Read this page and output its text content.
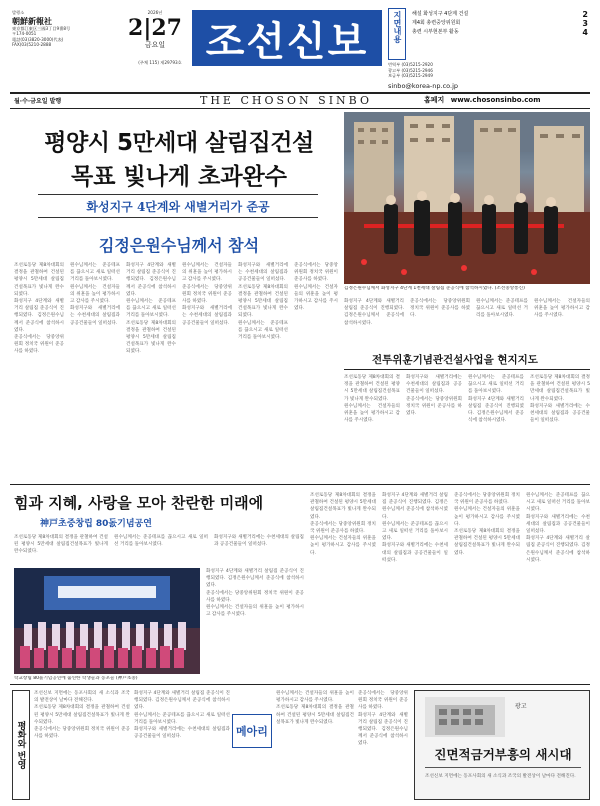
발행소
朝鮮新報社
東京都江東区三國3丁目9番8号
〒174-0051
電話(03)3820-3000(代表)
FAX(03)5210-2888
2026년
2|27
금요일
(주체 115) 제29793호 조선신보	지면내용	해설 화성지구 4단계 건설	2
제4회 총련중앙위원회	3
총련 시부현본부 활동	4
번역부 (03)5215-2920
광고부 (03)5215-2946
보급부 (03)5215-2949
sinbo@korea-np.co.jp
월·수·금요일 발행	THE CHOSON SINBO	홈페지 www.chosonsinbo.com
평양시 5만세대 살림집건설
목표 빛나게 초과완수
화성지구 4단계와 새별거리가 준공
김정은원수님께서 참석
김정은원수님께서 화성지구 4단계 1천세대 살림집 준공식에 참석하시였다. (조선중앙통신)
조선로동당 제8차대회의 결정을 관철하여 건설된 평양시 5만세대 살림집건설목표가 빛나게 완수되였다.
화성지구 4단계와 새별거리 살림집 준공식이 진행되였다. 김정은원수님께서 준공식에 참석하시였다.
준공식에서는 당중앙위원회 정치국 위원이 준공사를 하였다.
원수님께서는 준공테프를 끊으시고 새로 일떠선 거리를 돌아보시였다.
원수님께서는 건설자들의 위훈을 높이 평가하시고 감사를 주시였다.
화성지구와 새별거리에는 수천세대의 살림집과 공공건물들이 일떠섰다.
화성지구 4단계와 새별거리 살림집 준공식이 진행되였다. 김정은원수님께서 준공식에 참석하시였다.
원수님께서는 준공테프를 끊으시고 새로 일떠선 거리를 돌아보시였다.
조선로동당 제8차대회의 결정을 관철하여 건설된 평양시 5만세대 살림집건설목표가 빛나게 완수되였다.
원수님께서는 건설자들의 위훈을 높이 평가하시고 감사를 주시였다.
준공식에서는 당중앙위원회 정치국 위원이 준공사를 하였다.
화성지구와 새별거리에는 수천세대의 살림집과 공공건물들이 일떠섰다.
화성지구와 새별거리에는 수천세대의 살림집과 공공건물들이 일떠섰다.
조선로동당 제8차대회의 결정을 관철하여 건설된 평양시 5만세대 살림집건설목표가 빛나게 완수되였다.
원수님께서는 준공테프를 끊으시고 새로 일떠선 거리를 돌아보시였다.
준공식에서는 당중앙위원회 정치국 위원이 준공사를 하였다.
원수님께서는 건설자들의 위훈을 높이 평가하시고 감사를 주시였다.
화성지구 4단계와 새별거리 살림집 준공식이 진행되였다. 김정은원수님께서 준공식에 참석하시였다.
준공식에서는 당중앙위원회 정치국 위원이 준공사를 하였다.
원수님께서는 준공테프를 끊으시고 새로 일떠선 거리를 돌아보시였다.
원수님께서는 건설자들의 위훈을 높이 평가하시고 감사를 주시였다.
전투위훈기념관건설사업을 현지지도
조선로동당 제8차대회의 결정을 관철하여 건설된 평양시 5만세대 살림집건설목표가 빛나게 완수되였다.
원수님께서는 건설자들의 위훈을 높이 평가하시고 감사를 주시였다.
화성지구와 새별거리에는 수천세대의 살림집과 공공건물들이 일떠섰다.
준공식에서는 당중앙위원회 정치국 위원이 준공사를 하였다.
원수님께서는 준공테프를 끊으시고 새로 일떠선 거리를 돌아보시였다.
화성지구 4단계와 새별거리 살림집 준공식이 진행되였다. 김정은원수님께서 준공식에 참석하시였다.
조선로동당 제8차대회의 결정을 관철하여 건설된 평양시 5만세대 살림집건설목표가 빛나게 완수되였다.
화성지구와 새별거리에는 수천세대의 살림집과 공공건물들이 일떠섰다.
힘과 지혜, 사랑을 모아 찬란한 미래에
神戸초중창립 80돐기념공연
조선로동당 제8차대회의 결정을 관철하여 건설된 평양시 5만세대 살림집건설목표가 빛나게 완수되였다.
원수님께서는 준공테프를 끊으시고 새로 일떠선 거리를 돌아보시였다.
화성지구와 새별거리에는 수천세대의 살림집과 공공건물들이 일떠섰다.
학교창립 80돐기념공연에 출연한 학생들과 동포들 (神戸초중)
화성지구 4단계와 새별거리 살림집 준공식이 진행되였다. 김정은원수님께서 준공식에 참석하시였다.
준공식에서는 당중앙위원회 정치국 위원이 준공사를 하였다.
원수님께서는 건설자들의 위훈을 높이 평가하시고 감사를 주시였다.
조선로동당 제8차대회의 결정을 관철하여 건설된 평양시 5만세대 살림집건설목표가 빛나게 완수되였다.
준공식에서는 당중앙위원회 정치국 위원이 준공사를 하였다.
원수님께서는 건설자들의 위훈을 높이 평가하시고 감사를 주시였다.
화성지구 4단계와 새별거리 살림집 준공식이 진행되였다. 김정은원수님께서 준공식에 참석하시였다.
원수님께서는 준공테프를 끊으시고 새로 일떠선 거리를 돌아보시였다.
화성지구와 새별거리에는 수천세대의 살림집과 공공건물들이 일떠섰다.
준공식에서는 당중앙위원회 정치국 위원이 준공사를 하였다.
원수님께서는 건설자들의 위훈을 높이 평가하시고 감사를 주시였다.
조선로동당 제8차대회의 결정을 관철하여 건설된 평양시 5만세대 살림집건설목표가 빛나게 완수되였다.
원수님께서는 준공테프를 끊으시고 새로 일떠선 거리를 돌아보시였다.
화성지구와 새별거리에는 수천세대의 살림집과 공공건물들이 일떠섰다.
화성지구 4단계와 새별거리 살림집 준공식이 진행되였다. 김정은원수님께서 준공식에 참석하시였다.
평화와 번영
조선신보 지면에는 동포사회의 새 소식과 조국의 발전상이 날마다 전해진다.
조선로동당 제8차대회의 결정을 관철하여 건설된 평양시 5만세대 살림집건설목표가 빛나게 완수되였다.
준공식에서는 당중앙위원회 정치국 위원이 준공사를 하였다.
화성지구 4단계와 새별거리 살림집 준공식이 진행되였다. 김정은원수님께서 준공식에 참석하시였다.
원수님께서는 준공테프를 끊으시고 새로 일떠선 거리를 돌아보시였다.
화성지구와 새별거리에는 수천세대의 살림집과 공공건물들이 일떠섰다.	메아리
원수님께서는 건설자들의 위훈을 높이 평가하시고 감사를 주시였다.
조선로동당 제8차대회의 결정을 관철하여 건설된 평양시 5만세대 살림집건설목표가 빛나게 완수되였다.
준공식에서는 당중앙위원회 정치국 위원이 준공사를 하였다.
화성지구 4단계와 새별거리 살림집 준공식이 진행되였다. 김정은원수님께서 준공식에 참석하시였다.
광고
진면적금거부흥의 새시대
조선신보 지면에는 동포사회의 새 소식과 조국의 발전상이 날마다 전해진다.
